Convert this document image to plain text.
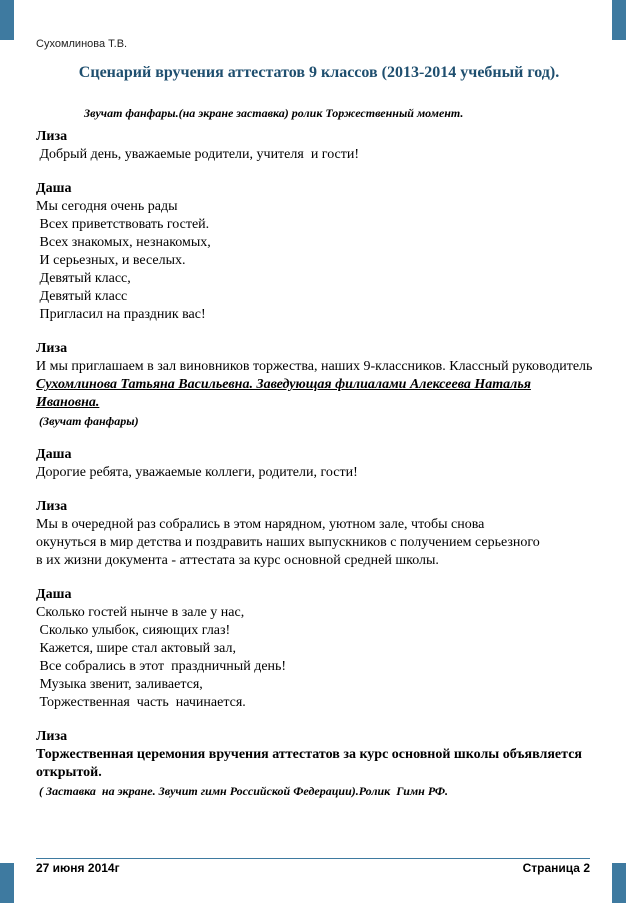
Сухомлинова Т.В.
Сценарий вручения аттестатов 9 классов (2013-2014 учебный год).
Звучат фанфары.(на экране заставка) ролик Торжественный момент.
Лиза
Добрый день, уважаемые родители, учителя  и гости!
Даша
Мы сегодня очень рады
Всех приветствовать гостей.
Всех знакомых, незнакомых,
И серьезных, и веселых.
Девятый класс,
Девятый класс
Пригласил на праздник вас!
Лиза
И мы приглашаем в зал виновников торжества, наших 9-классников. Классный руководитель Сухомлинова Татьяна Васильевна. Заведующая филиалами Алексеева Наталья Ивановна.
(Звучат фанфары)
Даша
Дорогие ребята, уважаемые коллеги, родители, гости!
Лиза
Мы в очередной раз собрались в этом нарядном, уютном зале, чтобы снова
окунуться в мир детства и поздравить наших выпускников с получением серьезного
в их жизни документа - аттестата за курс основной средней школы.
Даша
Сколько гостей нынче в зале у нас,
Сколько улыбок, сияющих глаз!
Кажется, шире стал актовый зал,
Все собрались в этот  праздничный день!
Музыка звенит, заливается,
Торжественная  часть  начинается.
Лиза
Торжественная церемония вручения аттестатов за курс основной школы объявляется открытой.
( Заставка  на экране. Звучит гимн Российской Федерации).Ролик  Гимн РФ.
27 июня 2014г	Страница 2
